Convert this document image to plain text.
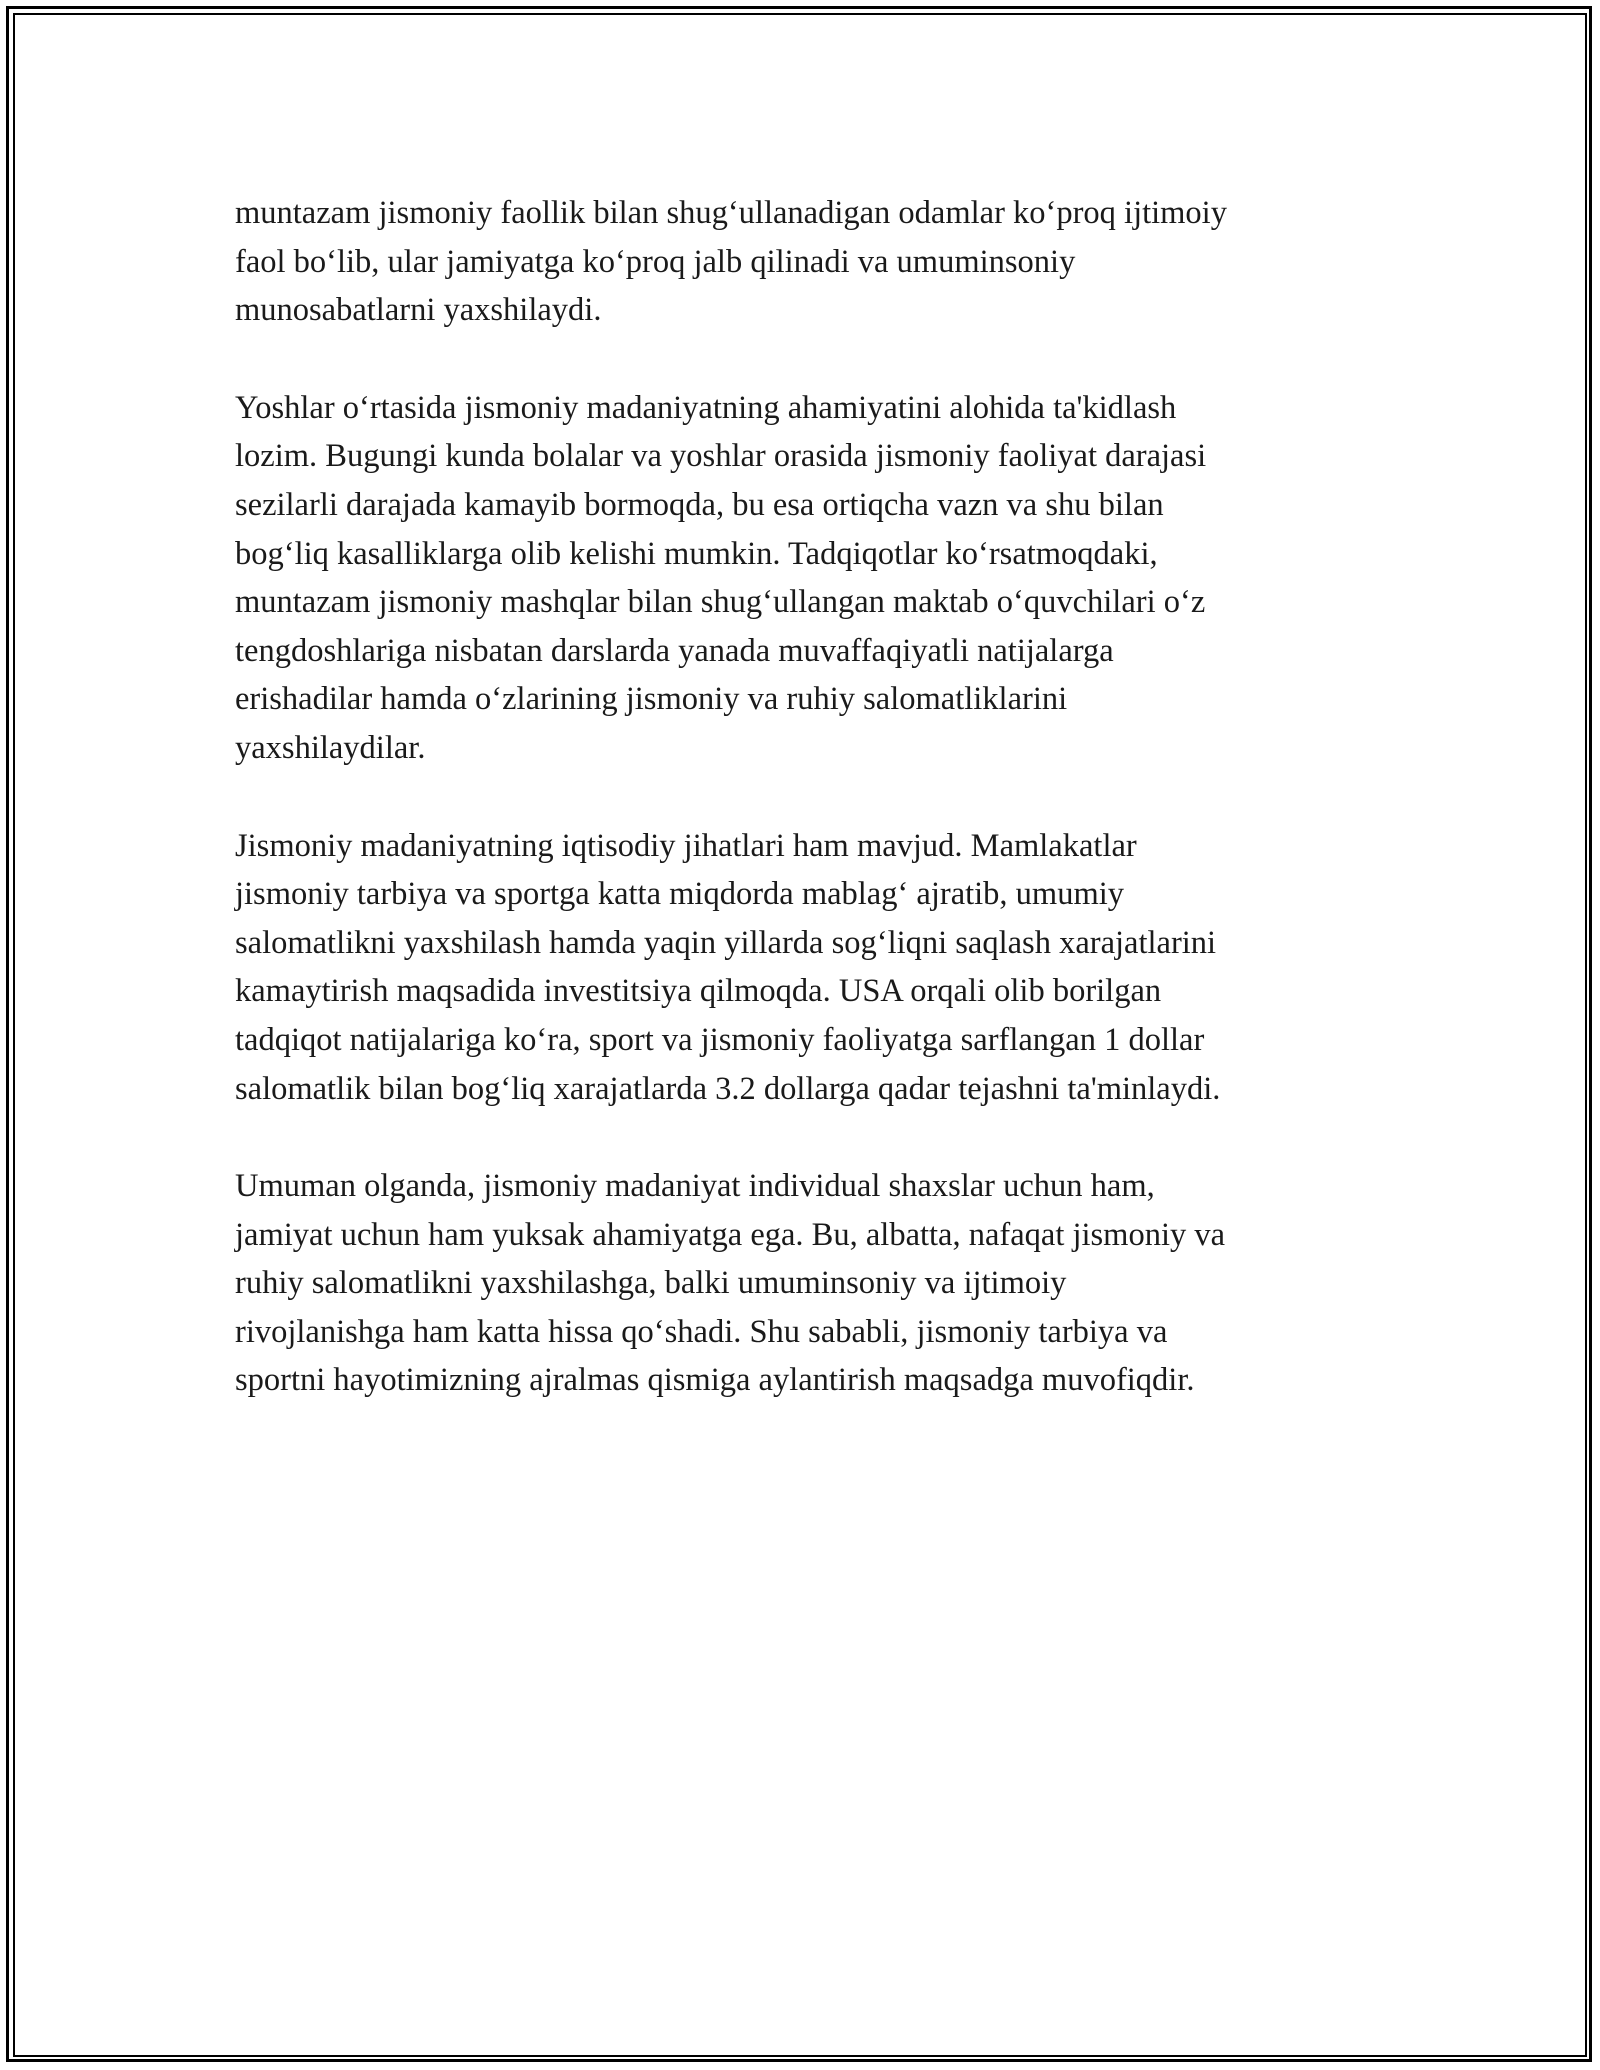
muntazam jismoniy faollik bilan shug‘ullanadigan odamlar ko‘proq ijtimoiy
faol bo‘lib, ular jamiyatga ko‘proq jalb qilinadi va umuminsoniy
munosabatlarni yaxshilaydi.

Yoshlar o‘rtasida jismoniy madaniyatning ahamiyatini alohida ta'kidlash
lozim. Bugungi kunda bolalar va yoshlar orasida jismoniy faoliyat darajasi
sezilarli darajada kamayib bormoqda, bu esa ortiqcha vazn va shu bilan
bog‘liq kasalliklarga olib kelishi mumkin. Tadqiqotlar ko‘rsatmoqdaki,
muntazam jismoniy mashqlar bilan shug‘ullangan maktab o‘quvchilari o‘z
tengdoshlariga nisbatan darslarda yanada muvaffaqiyatli natijalarga
erishadilar hamda o‘zlarining jismoniy va ruhiy salomatliklarini
yaxshilaydilar.

Jismoniy madaniyatning iqtisodiy jihatlari ham mavjud. Mamlakatlar
jismoniy tarbiya va sportga katta miqdorda mablag‘ ajratib, umumiy
salomatlikni yaxshilash hamda yaqin yillarda sog‘liqni saqlash xarajatlarini
kamaytirish maqsadida investitsiya qilmoqda. USA orqali olib borilgan
tadqiqot natijalariga ko‘ra, sport va jismoniy faoliyatga sarflangan 1 dollar
salomatlik bilan bog‘liq xarajatlarda 3.2 dollarga qadar tejashni ta'minlaydi.

Umuman olganda, jismoniy madaniyat individual shaxslar uchun ham,
jamiyat uchun ham yuksak ahamiyatga ega. Bu, albatta, nafaqat jismoniy va
ruhiy salomatlikni yaxshilashga, balki umuminsoniy va ijtimoiy
rivojlanishga ham katta hissa qo‘shadi. Shu sababli, jismoniy tarbiya va
sportni hayotimizning ajralmas qismiga aylantirish maqsadga muvofiqdir.
